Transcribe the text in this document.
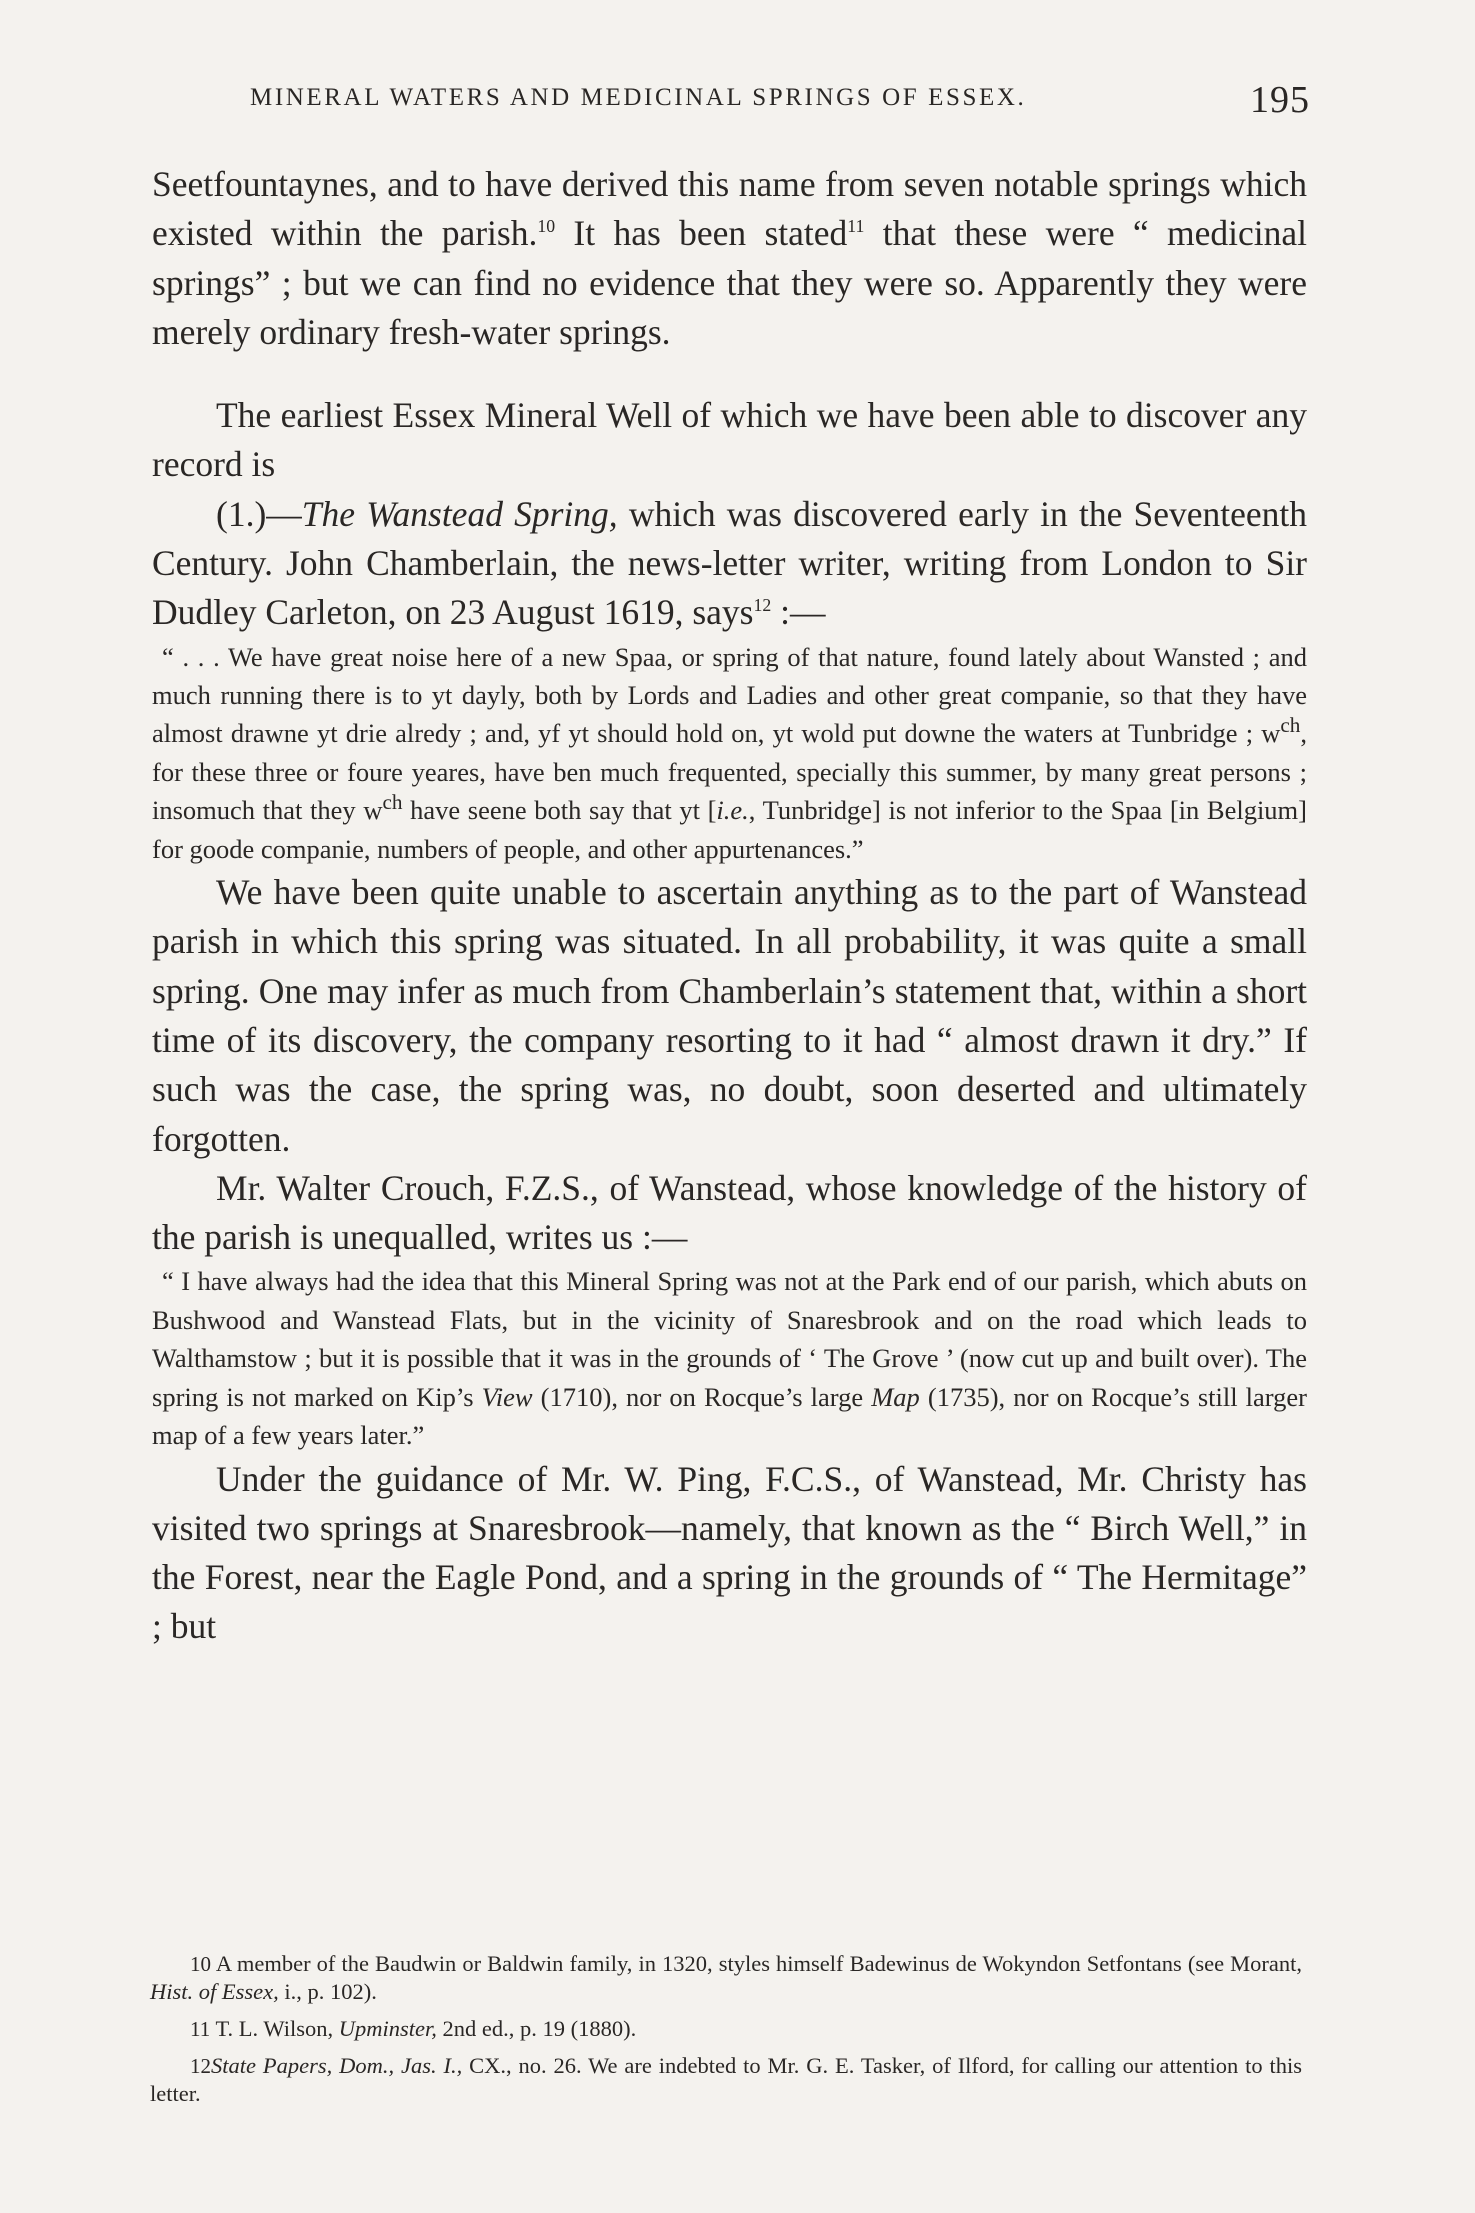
MINERAL WATERS AND MEDICINAL SPRINGS OF ESSEX.	195

Seetfountaynes, and to have derived this name from seven notable springs which existed within the parish.$^{10}$ It has been stated$^{11}$ that these were “ medicinal springs” ; but we can find no evidence that they were so. Apparently they were merely ordinary fresh-water springs.

The earliest Essex Mineral Well of which we have been able to discover any record is

(1.)—The Wanstead Spring, which was discovered early in the Seventeenth Century. John Chamberlain, the news-letter writer, writing from London to Sir Dudley Carleton, on 23 August 1619, says$^{12}$ :—

“ . . . We have great noise here of a new Spaa, or spring of that nature, found lately about Wansted ; and much running there is to yt dayly, both by Lords and Ladies and other great companie, so that they have almost drawne yt drie alredy ; and, yf yt should hold on, yt wold put downe the waters at Tunbridge ; $w^{ch}$, for these three or foure yeares, have ben much frequented, specially this summer, by many great persons ; insomuch that they $w^{ch}$ have seene both say that yt [i.e., Tunbridge] is not inferior to the Spaa [in Belgium] for goode companie, numbers of people, and other appurtenances.”

We have been quite unable to ascertain anything as to the part of Wanstead parish in which this spring was situated. In all probability, it was quite a small spring. One may infer as much from Chamberlain’s statement that, within a short time of its discovery, the company resorting to it had “ almost drawn it dry.” If such was the case, the spring was, no doubt, soon deserted and ultimately forgotten.

Mr. Walter Crouch, F.Z.S., of Wanstead, whose knowledge of the history of the parish is unequalled, writes us :—

“ I have always had the idea that this Mineral Spring was not at the Park end of our parish, which abuts on Bushwood and Wanstead Flats, but in the vicinity of Snaresbrook and on the road which leads to Walthamstow ; but it is possible that it was in the grounds of ‘ The Grove ’ (now cut up and built over). The spring is not marked on Kip’s View (1710), nor on Rocque’s large Map (1735), nor on Rocque’s still larger map of a few years later.”

Under the guidance of Mr. W. Ping, F.C.S., of Wanstead, Mr. Christy has visited two springs at Snaresbrook—namely, that known as the “ Birch Well,” in the Forest, near the Eagle Pond, and a spring in the grounds of “ The Hermitage” ; but

10 A member of the Baudwin or Baldwin family, in 1320, styles himself Badewinus de Wokyndon Setfontans (see Morant, Hist. of Essex, i., p. 102).

11 T. L. Wilson, Upminster, 2nd ed., p. 19 (1880).

12State Papers, Dom., Jas. I., CX., no. 26. We are indebted to Mr. G. E. Tasker, of Ilford, for calling our attention to this letter.
